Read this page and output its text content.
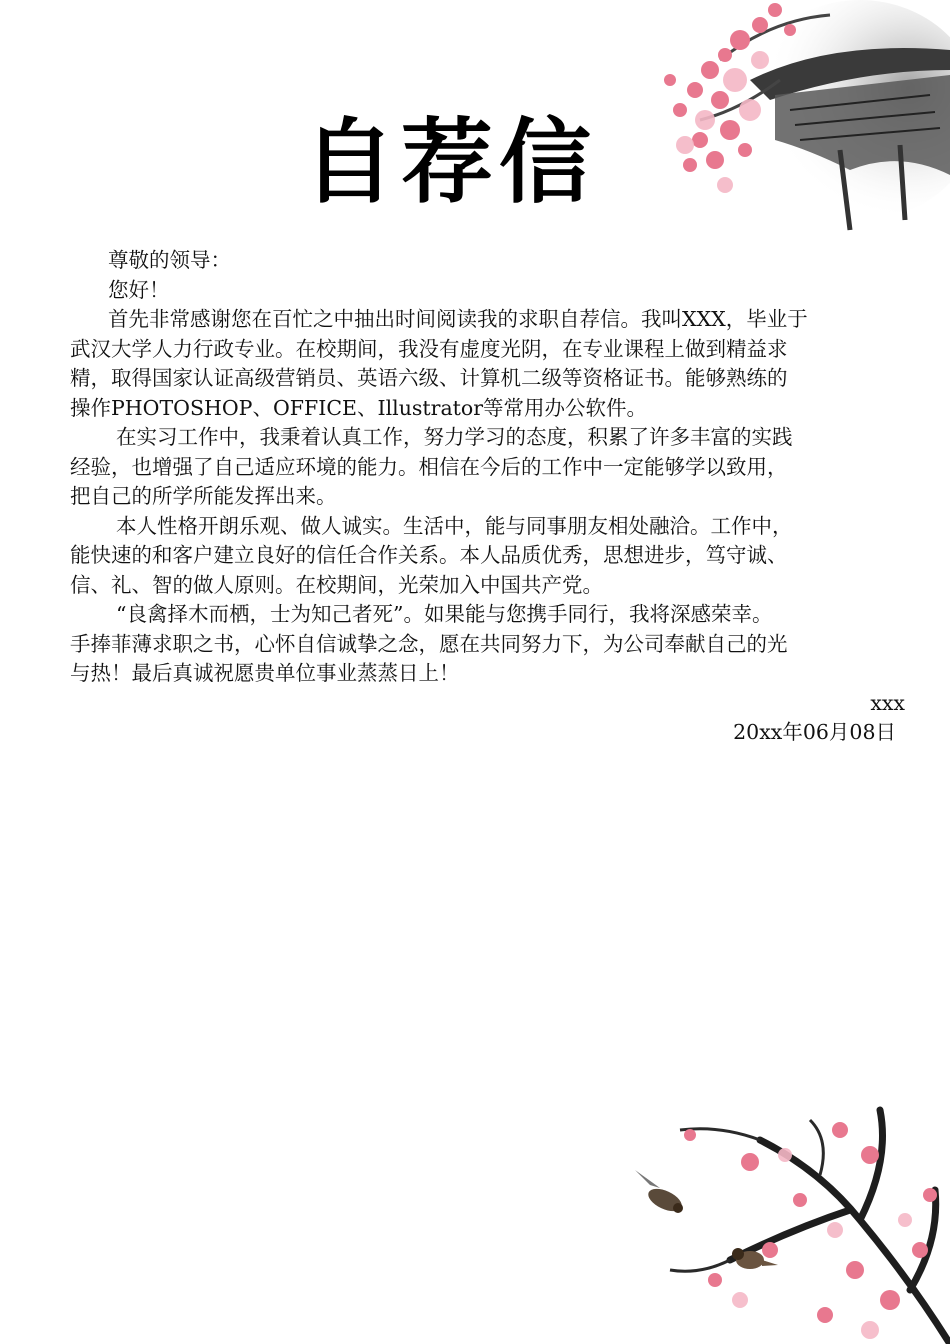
自荐信
尊敬的领导：
您好！
首先非常感谢您在百忙之中抽出时间阅读我的求职自荐信。我叫XXX，毕业于
武汉大学人力行政专业。在校期间，我没有虚度光阴，在专业课程上做到精益求
精，取得国家认证高级营销员、英语六级、计算机二级等资格证书。能够熟练的
操作PHOTOSHOP、OFFICE、Illustrator等常用办公软件。
在实习工作中，我秉着认真工作，努力学习的态度，积累了许多丰富的实践
经验，也增强了自己适应环境的能力。相信在今后的工作中一定能够学以致用，
把自己的所学所能发挥出来。
本人性格开朗乐观、做人诚实。生活中，能与同事朋友相处融洽。工作中，
能快速的和客户建立良好的信任合作关系。本人品质优秀，思想进步，笃守诚、
信、礼、智的做人原则。在校期间，光荣加入中国共产党。
“良禽择木而栖，士为知己者死”。如果能与您携手同行，我将深感荣幸。
手捧菲薄求职之书，心怀自信诚挚之念，愿在共同努力下，为公司奉献自己的光
与热！最后真诚祝愿贵单位事业蒸蒸日上！
xxx
20xx年06月08日
